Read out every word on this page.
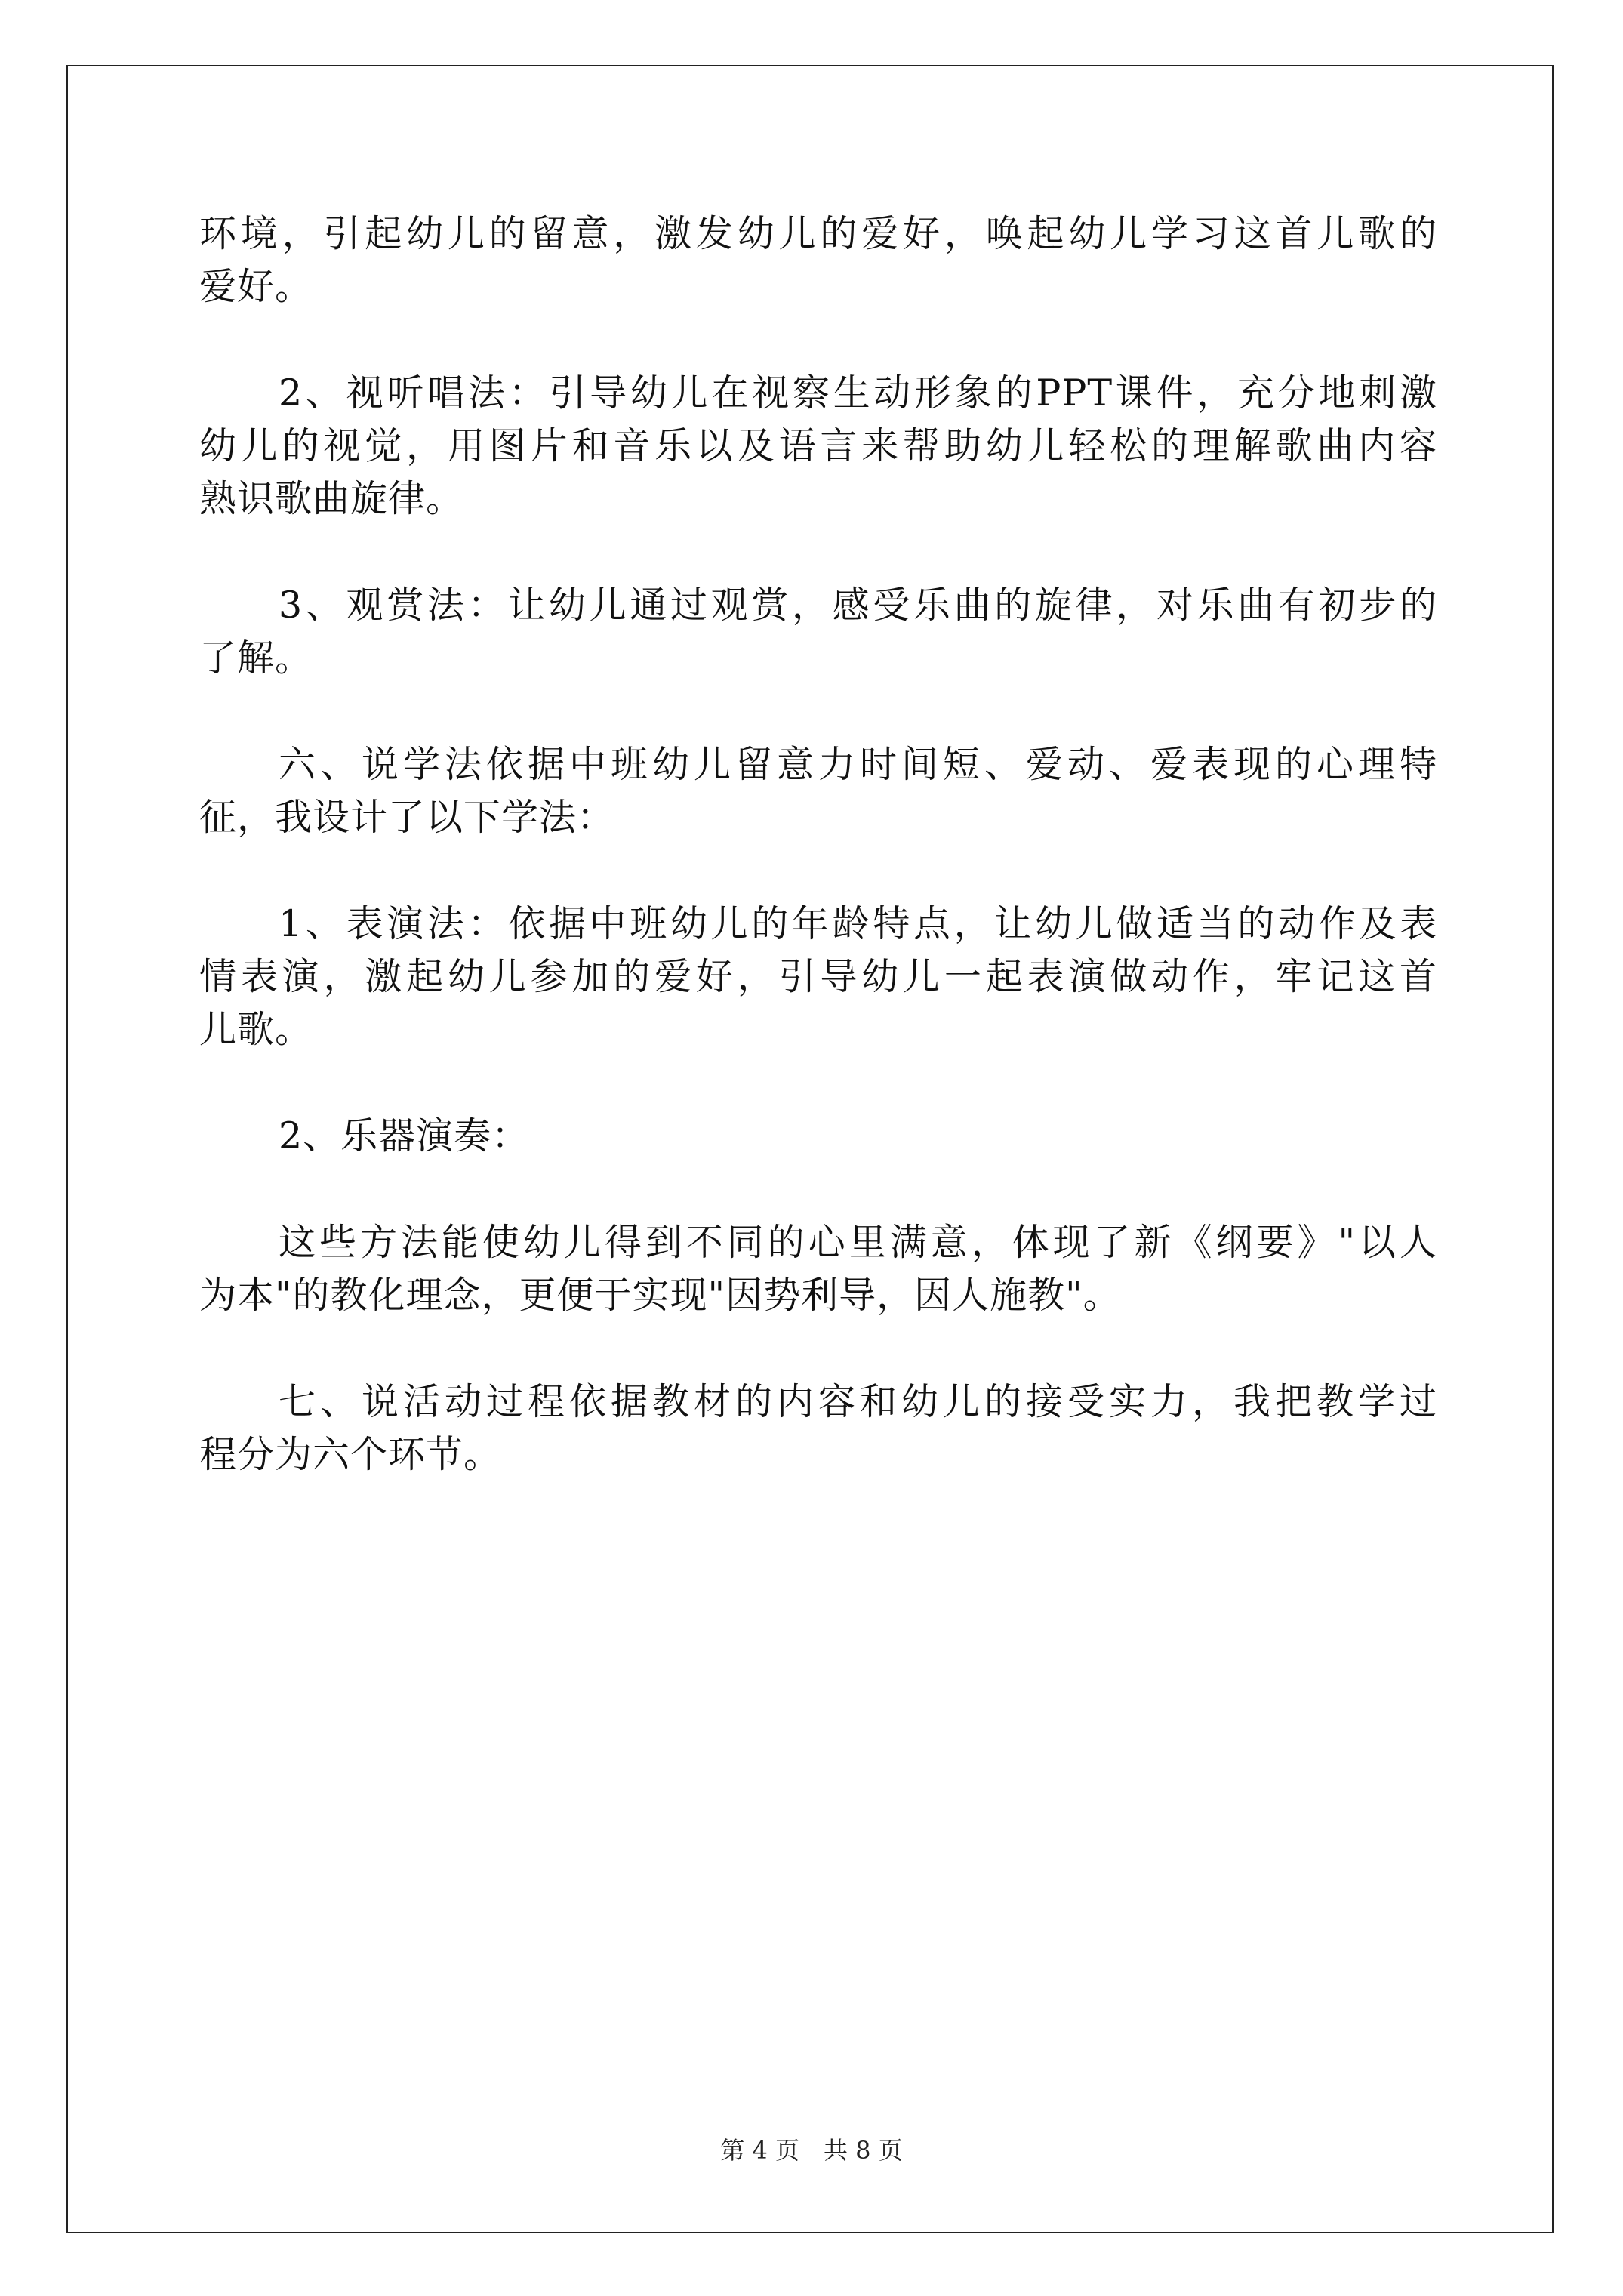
环境，引起幼儿的留意，激发幼儿的爱好，唤起幼儿学习这首儿歌的
爱好。
2、视听唱法：引导幼儿在视察生动形象的PPT课件，充分地刺激
幼儿的视觉，用图片和音乐以及语言来帮助幼儿轻松的理解歌曲内容
熟识歌曲旋律。
3、观赏法：让幼儿通过观赏，感受乐曲的旋律，对乐曲有初步的
了解。
六、说学法依据中班幼儿留意力时间短、爱动、爱表现的心理特
征，我设计了以下学法：
1、表演法：依据中班幼儿的年龄特点，让幼儿做适当的动作及表
情表演，激起幼儿参加的爱好，引导幼儿一起表演做动作，牢记这首
儿歌。
2、乐器演奏：
这些方法能使幼儿得到不同的心里满意，体现了新《纲要》"以人
为本"的教化理念，更便于实现"因势利导，因人施教"。
七、说活动过程依据教材的内容和幼儿的接受实力，我把教学过
程分为六个环节。
第 4 页　共 8 页
